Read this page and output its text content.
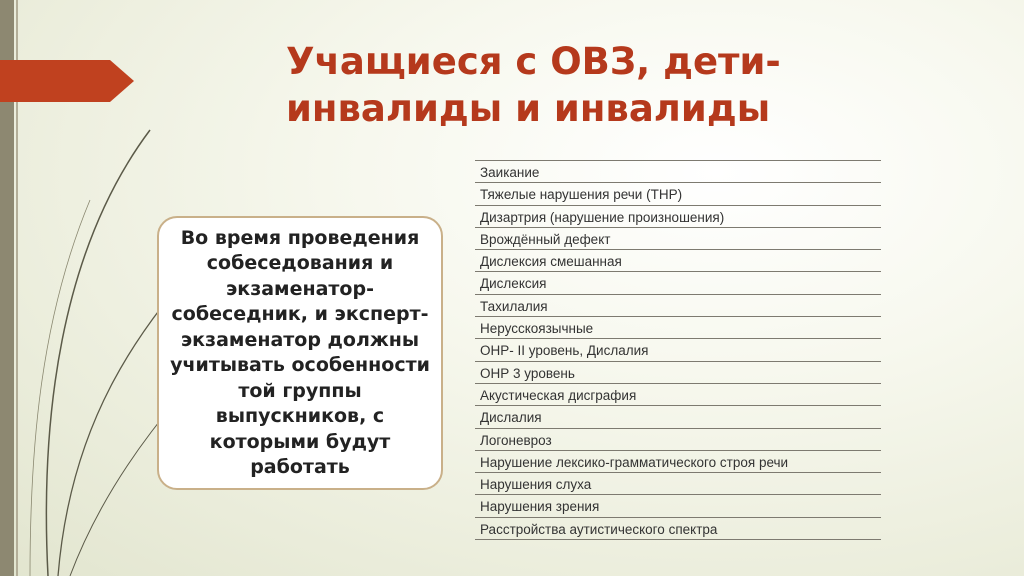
Учащиеся с ОВЗ, дети-
инвалиды и инвалиды
Во время проведения собеседования и экзаменатор-собеседник, и эксперт-экзаменатор должны учитывать особенности той группы выпускников, с которыми будут работать
Заикание
Тяжелые нарушения речи (ТНР)
Дизартрия (нарушение произношения)
Врождённый дефект
Дислексия смешанная
Дислексия
Тахилалия
Нерусскоязычные
ОНР- II уровень, Дислалия
ОНР 3 уровень
Акустическая дисграфия
Дислалия
Логоневроз
Нарушение лексико-грамматического строя речи
Нарушения слуха
Нарушения зрения
Расстройства аутистического спектра
